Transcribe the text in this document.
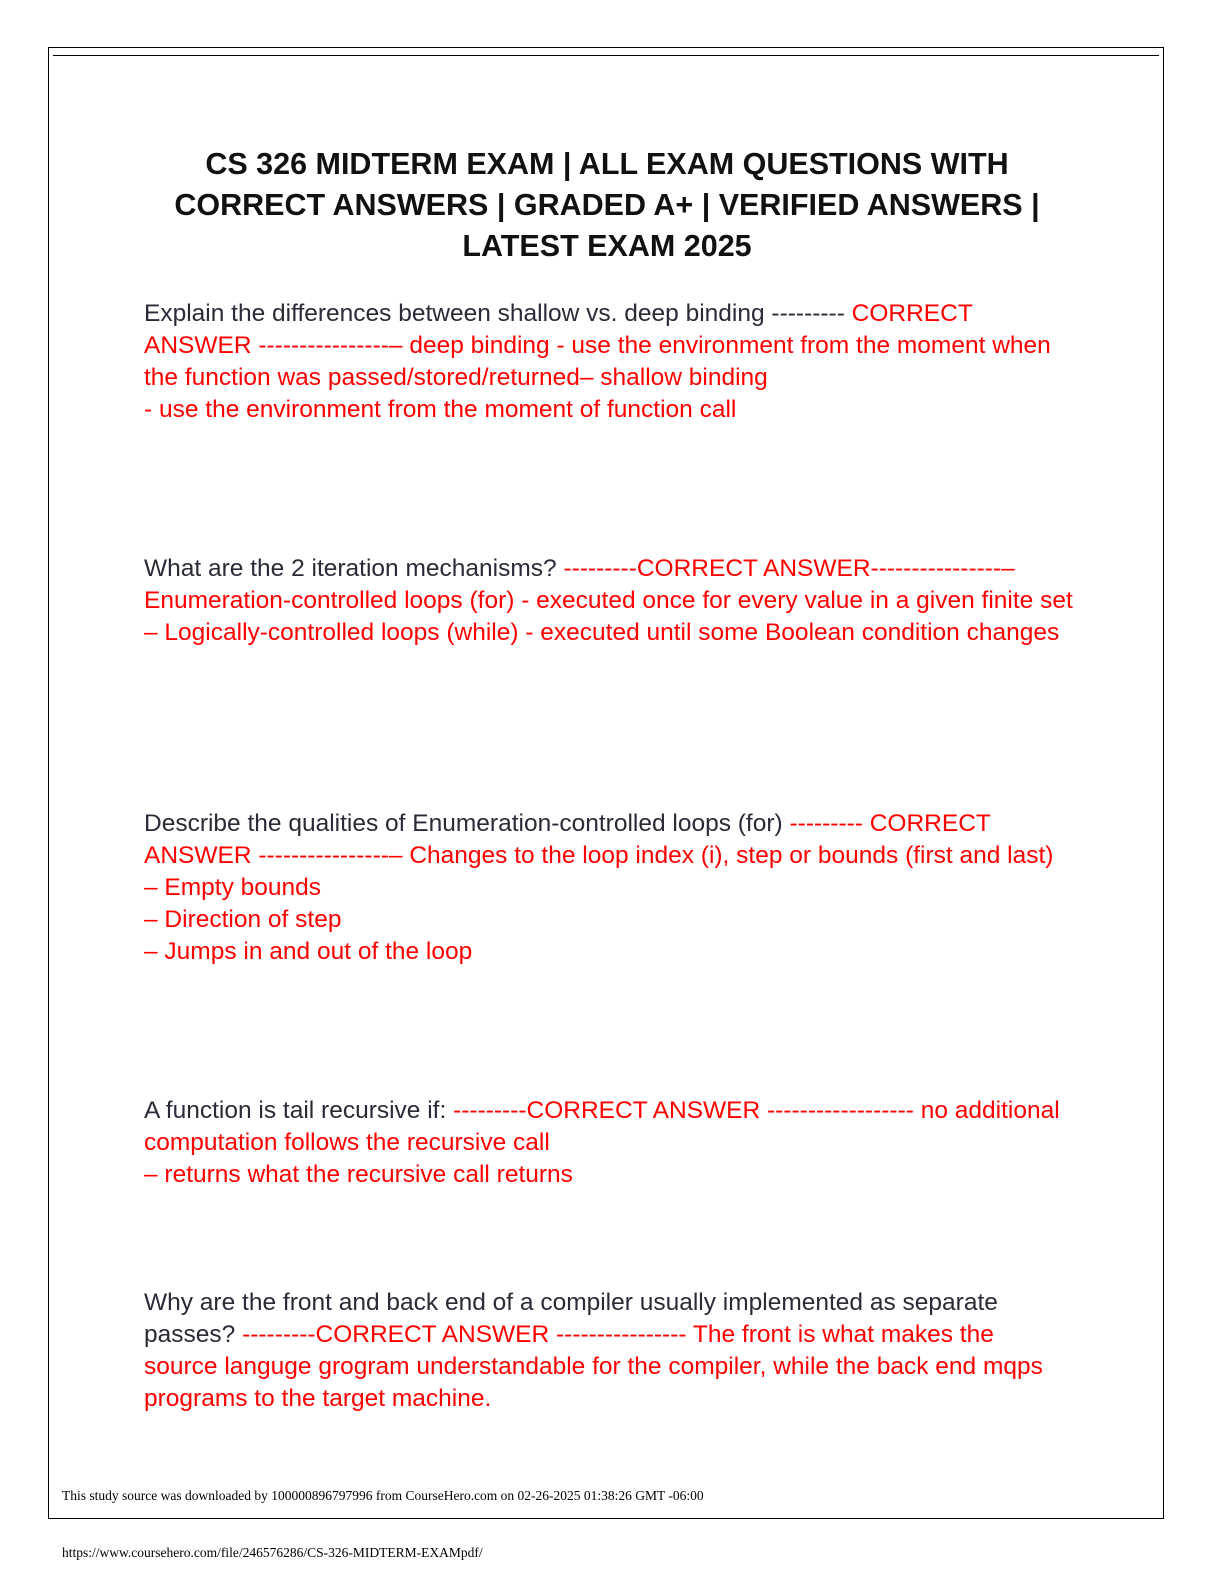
CS 326 MIDTERM EXAM | ALL EXAM QUESTIONS WITH CORRECT ANSWERS | GRADED A+ | VERIFIED ANSWERS | LATEST EXAM 2025
Explain the differences between shallow vs. deep binding --------- CORRECT ANSWER ----------------– deep binding - use the environment from the moment when the function was passed/stored/returned– shallow binding
- use the environment from the moment of function call
What are the 2 iteration mechanisms? ---------CORRECT ANSWER----------------– Enumeration-controlled loops (for) - executed once for every value in a given finite set
– Logically-controlled loops (while) - executed until some Boolean condition changes
Describe the qualities of Enumeration-controlled loops (for) --------- CORRECT ANSWER ----------------– Changes to the loop index (i), step or bounds (first and last)
– Empty bounds
– Direction of step
– Jumps in and out of the loop
A function is tail recursive if: ---------CORRECT ANSWER ------------------ no additional computation follows the recursive call
– returns what the recursive call returns
Why are the front and back end of a compiler usually implemented as separate passes? ---------CORRECT ANSWER ---------------- The front is what makes the source languge grogram understandable for the compiler, while the back end mqps programs to the target machine.
This study source was downloaded by 100000896797996 from CourseHero.com on 02-26-2025 01:38:26 GMT -06:00
https://www.coursehero.com/file/246576286/CS-326-MIDTERM-EXAMpdf/
